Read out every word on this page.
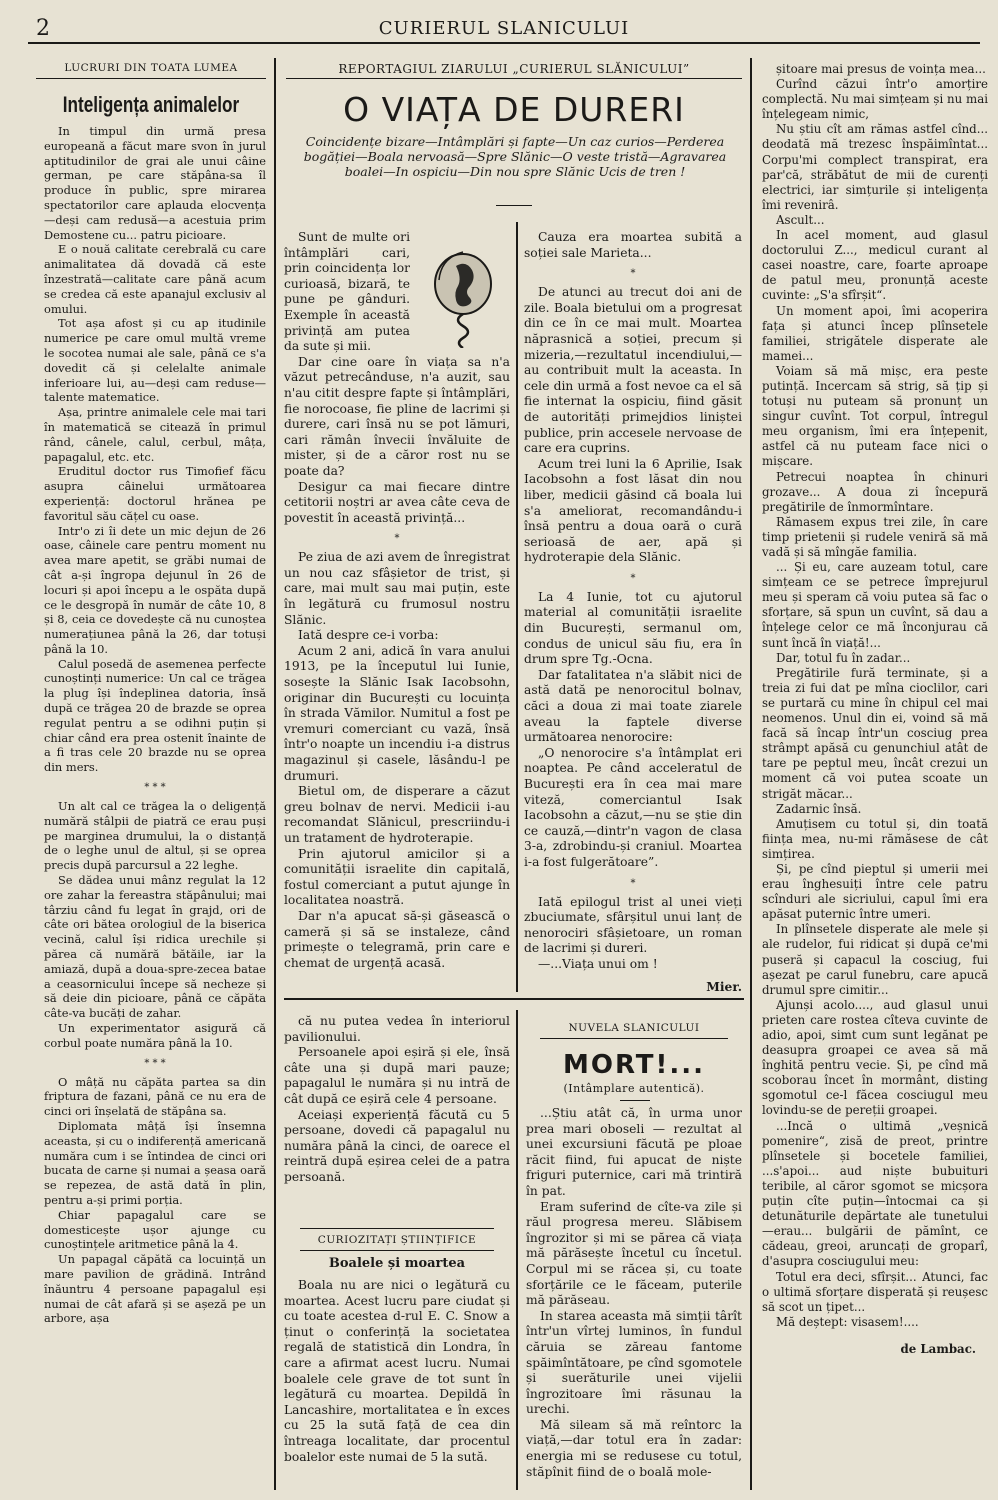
2	CURIERUL SLANICULUI
LUCRURI DIN TOATA LUMEA
Inteligența animalelor

In timpul din urmă presa europeană a făcut mare svon în jurul aptitudinilor de grai ale unui câine german, pe care stăpâna-sa îl produce în public, spre mirarea spectatorilor care aplauda elocvența—deși cam redusă—a acestuia prim Demostene cu... patru picioare.

E o nouă calitate cerebrală cu care animalitatea dă dovadă că este înzestrată—calitate care până acum se credea că este apanajul exclusiv al omului.

Tot așa afost și cu ap itudinile numerice pe care omul multă vreme le socotea numai ale sale, până ce s'a dovedit că și celelalte animale inferioare lui, au—deși cam reduse—talente matematice.

Așa, printre animalele cele mai tari în matematică se citează în primul rând, cânele, calul, cerbul, mâța, papagalul, etc. etc.

Eruditul doctor rus Timofief făcu asupra câinelui următoarea experiență: doctorul hrănea pe favoritul său cățel cu oase.

Intr'o zi îi dete un mic dejun de 26 oase, câinele care pentru moment nu avea mare apetit, se grăbi numai de cât a-și îngropa dejunul în 26 de locuri și apoi începu a le ospăta după ce le desgropă în număr de câte 10, 8 și 8, ceia ce dovedește că nu cunoștea numerațiunea până la 26, dar totuși până la 10.

Calul posedă de asemenea perfecte cunoștinți numerice: Un cal ce trăgea la plug își îndeplinea datoria, însă după ce trăgea 20 de brazde se oprea regulat pentru a se odihni puțin și chiar când era prea ostenit înainte de a fi tras cele 20 brazde nu se oprea din mers.

* * *

Un alt cal ce trăgea la o deligență numără stâlpii de piatră ce erau puși pe marginea drumului, la o distanță de o leghe unul de altul, și se oprea precis după parcursul a 22 leghe.

Se dădea unui mânz regulat la 12 ore zahar la fereastra stăpânului; mai târziu când fu legat în grajd, ori de câte ori bătea orologiul de la biserica vecină, calul își ridica urechile și părea că numără bătăile, iar la amiază, după a doua-spre-zecea batae a ceasornicului începe să necheze și să deie din picioare, până ce căpăta câte-va bucăți de zahar.

Un experimentator asigură că corbul poate număra până la 10.

* * *

O mâță nu căpăta partea sa din friptura de fazani, până ce nu era de cinci ori înșelată de stăpâna sa.

Diplomata mâță își însemna aceasta, și cu o indiferență americană număra cum i se întindea de cinci ori bucata de carne și numai a șeasa oară se repezea, de astă dată în plin, pentru a-și primi porția.

Chiar papagalul care se domesticește ușor ajunge cu cunoștințele aritmetice până la 4.

Un papagal căpătă ca locuință un mare pavilion de grădină. Intrând înăuntru 4 persoane papagalul eși numai de cât afară și se așeză pe un arbore, așa

REPORTAGIUL ZIARULUI „CURIERUL SLĂNICULUI”
O VIAȚA DE DURERI
Coincidențe bizare—Intâmplări și fapte—Un caz curios—Perderea bogăției—Boala nervoasă—Spre Slănic—O veste tristă—Agravarea boalei—In ospiciu—Din nou spre Slănic Ucis de tren !

Sunt de multe ori întâmplări cari, prin coincidența lor curioasă, bizară, te pune pe gânduri. Exemple în această privință am putea da sute și mii.

Dar cine oare în viața sa n'a văzut petrecânduse, n'a auzit, sau n'au citit despre fapte și întâmplări, fie norocoase, fie pline de lacrimi și durere, cari însă nu se pot lămuri, cari rămân învecii învăluite de mister, și de a căror rost nu se poate da?

Desigur ca mai fiecare dintre cetitorii noștri ar avea câte ceva de povestit în această privință...

*

Pe ziua de azi avem de înregistrat un nou caz sfâșietor de trist, și care, mai mult sau mai puțin, este în legătură cu frumosul nostru Slănic.

Iată despre ce-i vorba:

Acum 2 ani, adică în vara anului 1913, pe la începutul lui Iunie, sosește la Slănic Isak Iacobsohn, originar din București cu locuința în strada Vămilor. Numitul a fost pe vremuri comerciant cu vază, însă într'o noapte un incendiu i-a distrus magazinul și casele, lăsându-l pe drumuri.

Bietul om, de disperare a căzut greu bolnav de nervi. Medicii i-au recomandat Slănicul, prescriindu-i un tratament de hydroterapie.

Prin ajutorul amicilor și a comunității israelite din capitală, fostul comerciant a putut ajunge în localitatea noastră.

Dar n'a apucat să-și găsească o cameră și să se instaleze, când primește o telegramă, prin care e chemat de urgență acasă.

Cauza era moartea subită a soției sale Marieta...

*

De atunci au trecut doi ani de zile. Boala bietului om a progresat din ce în ce mai mult. Moartea năprasnică a soției, precum și mizeria,—rezultatul incendiului,—au contribuit mult la aceasta. In cele din urmă a fost nevoe ca el să fie internat la ospiciu, fiind găsit de autorități primejdios liniștei publice, prin accesele nervoase de care era cuprins.

Acum trei luni la 6 Aprilie, Isak Iacobsohn a fost lăsat din nou liber, medicii găsind că boala lui s'a ameliorat, recomandându-i însă pentru a doua oară o cură serioasă de aer, apă și hydroterapie dela Slănic.

*

La 4 Iunie, tot cu ajutorul material al comunității israelite din București, sermanul om, condus de unicul său fiu, era în drum spre Tg.-Ocna.

Dar fatalitatea n'a slăbit nici de astă dată pe nenorocitul bolnav, căci a doua zi mai toate ziarele aveau la faptele diverse următoarea nenorocire:

„O nenorocire s'a întâmplat eri noaptea. Pe când acceleratul de București era în cea mai mare viteză, comerciantul Isak Iacobsohn a căzut,—nu se știe din ce cauză,—dintr'n vagon de clasa 3-a, zdrobindu-și craniul. Moartea i-a fost fulgerătoare”.

*

Iată epilogul trist al unei vieți zbuciumate, sfârșitul unui lanț de nenorociri sfâșietoare, un roman de lacrimi și dureri.

—...Viața unui om !

Mier.

că nu putea vedea în interiorul pavilionului.

Persoanele apoi eșiră și ele, însă câte una și după mari pauze; papagalul le număra și nu intră de cât după ce eșiră cele 4 persoane.

Aceiași experiență făcută cu 5 persoane, dovedi că papagalul nu număra până la cinci, de oarece el reintră după eșirea celei de a patra persoană.

CURIOZITAȚI ȘTIINȚIFICE
Boalele și moartea

Boala nu are nici o legătură cu moartea. Acest lucru pare ciudat și cu toate acestea d-rul E. C. Snow a ținut o conferință la societatea regală de statistică din Londra, în care a afirmat acest lucru. Numai boalele cele grave de tot sunt în legătură cu moartea. Depildă în Lancashire, mortalitatea e în exces cu 25 la sută față de cea din întreaga localitate, dar procentul boalelor este numai de 5 la sută.

NUVELA SLANICULUI
MORT!...
(Intâmplare autentică).

...Știu atât că, în urma unor prea mari oboseli — rezultat al unei excursiuni făcută pe ploae răcit fiind, fui apucat de niște friguri puternice, cari mă trintiră în pat.

Eram suferind de cîte-va zile și răul progresa mereu. Slăbisem îngrozitor și mi se părea că viața mă părăsește încetul cu încetul. Corpul mi se răcea și, cu toate sforțările ce le făceam, puterile mă părăseau.

In starea aceasta mă simții târît într'un vîrtej luminos, în fundul căruia se zăreau fantome spăimîntătoare, pe cînd sgomotele și suerăturile unei vijelii îngrozitoare îmi răsunau la urechi.

Mă sileam să mă reîntorc la viață,—dar totul era în zadar: energia mi se redusese cu totul, stăpînit fiind de o boală mole-

șitoare mai presus de voința mea...

Curînd căzui într'o amorțire complectă. Nu mai simțeam și nu mai înțelegeam nimic,

Nu știu cît am rămas astfel cînd... deodată mă trezesc înspăimîntat... Corpu'mi complect transpirat, era par'că, străbătut de mii de curenți electrici, iar simțurile și inteligența îmi revenirâ.

Ascult...

In acel moment, aud glasul doctorului Z..., medicul curant al casei noastre, care, foarte aproape de patul meu, pronunță aceste cuvinte: „S'a sfîrșit“.

Un moment apoi, îmi acoperira fața și atunci încep plînsetele familiei, strigătele disperate ale mamei...

Voiam să mă mișc, era peste putință. Incercam să strig, să țip și totuși nu puteam să pronunț un singur cuvînt. Tot corpul, întregul meu organism, îmi era înțepenit, astfel că nu puteam face nici o mișcare.

Petrecui noaptea în chinuri grozave... A doua zi începură pregătirile de înmormîntare.

Rămasem expus trei zile, în care timp prietenii și rudele veniră să mă vadă și să mîngăe familia.

... Și eu, care auzeam totul, care simțeam ce se petrece împrejurul meu și speram că voiu putea să fac o sforțare, să spun un cuvînt, să dau a înțelege celor ce mă înconjurau că sunt încă în viață!...

Dar, totul fu în zadar...

Pregătirile fură terminate, și a treia zi fui dat pe mîna cioclilor, cari se purtară cu mine în chipul cel mai neomenos. Unul din ei, voind să mă facă să încap într'un cosciug prea strâmpt apăsă cu genunchiul atât de tare pe peptul meu, încât crezui un moment că voi putea scoate un strigăt măcar...

Zadarnic însă.

Amuțisem cu totul și, din toată ființa mea, nu-mi rămăsese de cât simțirea.

Și, pe cînd pieptul și umerii mei erau înghesuiți între cele patru scînduri ale sicriului, capul îmi era apăsat puternic între umeri.

In plînsetele disperate ale mele și ale rudelor, fui ridicat și după ce'mi puseră și capacul la cosciug, fui așezat pe carul funebru, care apucă drumul spre cimitir...

Ajunși acolo...., aud glasul unui prieten care rostea cîteva cuvinte de adio, apoi, simt cum sunt legănat pe deasupra groapei ce avea să mă înghită pentru vecie. Și, pe cînd mă scoborau încet în mormânt, disting sgomotul ce-l făcea cosciugul meu lovindu-se de pereții groapei.

...Incă o ultimă „veșnică pomenire“, zisă de preot, printre plînsetele și bocetele familiei, ...s'apoi... aud niște bubuituri teribile, al căror sgomot se micșora puțin cîte puțin—întocmai ca și detunăturile depărtate ale tunetului—erau... bulgării de pămînt, ce cădeau, greoi, aruncați de groparî, d'asupra cosciugului meu:

Totul era deci, sfîrșit... Atunci, fac o ultimă sforțare disperată și reușesc să scot un țipet...

Mă deștept: visasem!....

de Lambac.
